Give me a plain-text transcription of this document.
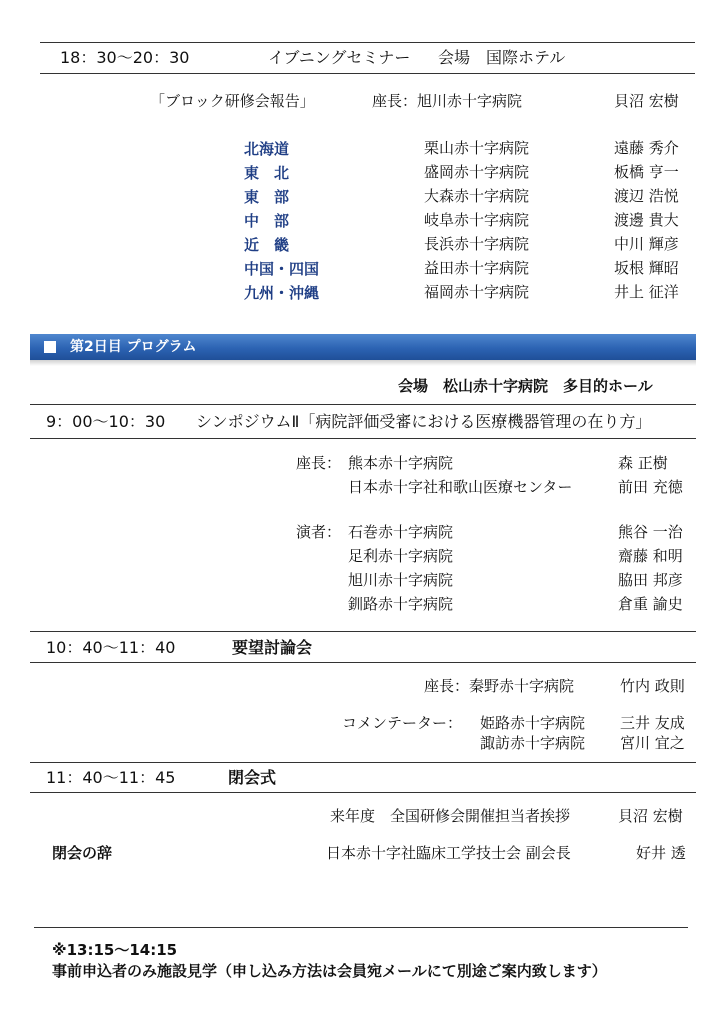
18：30～20：30	イブニングセミナー 会場　国際ホテル
「ブロック研修会報告」	座長：旭川赤十字病院	貝沼 宏樹
北海道	栗山赤十字病院	遠藤 秀介
東　北	盛岡赤十字病院	板橋 亨一
東　部	大森赤十字病院	渡辺 浩悦
中　部	岐阜赤十字病院	渡邊 貴大
近　畿	長浜赤十字病院	中川 輝彦
中国・四国	益田赤十字病院	坂根 輝昭
九州・沖縄	福岡赤十字病院	井上 征洋
第2日目 プログラム
会場　松山赤十字病院　多目的ホール
9：00～10：30 シンポジウムⅡ「病院評価受審における医療機器管理の在り方」
座長： 熊本赤十字病院	森 正樹
日本赤十字社和歌山医療センター	前田 充徳
演者： 石巻赤十字病院	熊谷 一治
足利赤十字病院	齋藤 和明
旭川赤十字病院	脇田 邦彦
釧路赤十字病院	倉重 諭史
10：40～11：40	要望討論会
座長：秦野赤十字病院	竹内 政則
コメンテーター： 姫路赤十字病院 三井 友成
諏訪赤十字病院 宮川 宜之
11：40～11：45	閉会式
来年度　全国研修会開催担当者挨拶	貝沼 宏樹
閉会の辞	日本赤十字社臨床工学技士会 副会長	好井 透
※13:15～14:15
事前申込者のみ施設見学（申し込み方法は会員宛メールにて別途ご案内致します）
